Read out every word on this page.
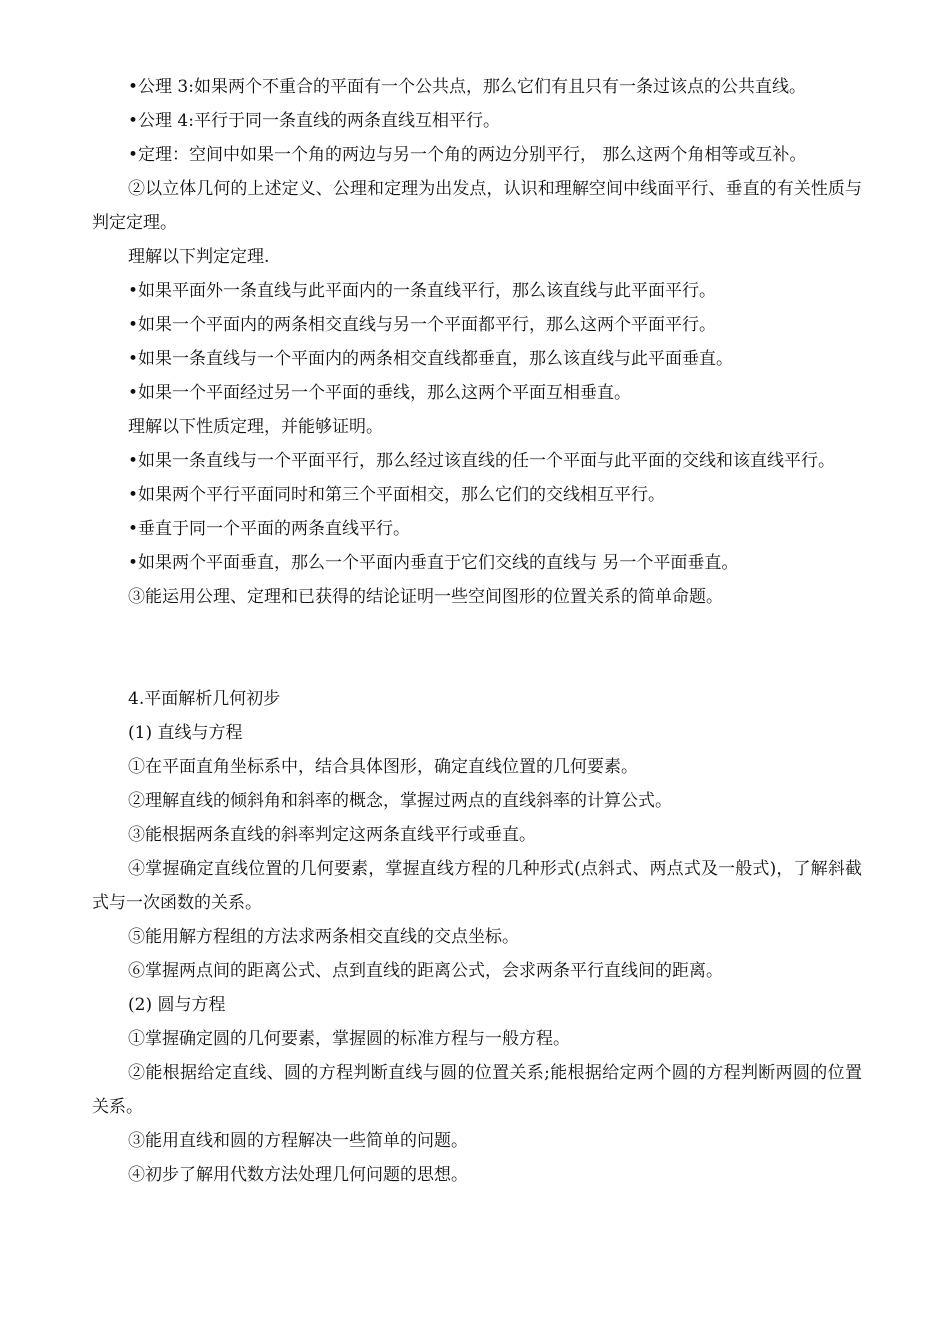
•公理 3:如果两个不重合的平面有一个公共点，那么它们有且只有一条过该点的公共直线。

•公理 4:平行于同一条直线的两条直线互相平行。

•定理：空间中如果一个角的两边与另一个角的两边分别平行， 那么这两个角相等或互补。

②以立体几何的上述定义、公理和定理为出发点，认识和理解空间中线面平行、垂直的有关性质与判定定理。

理解以下判定定理.

•如果平面外一条直线与此平面内的一条直线平行，那么该直线与此平面平行。

•如果一个平面内的两条相交直线与另一个平面都平行，那么这两个平面平行。

•如果一条直线与一个平面内的两条相交直线都垂直，那么该直线与此平面垂直。

•如果一个平面经过另一个平面的垂线，那么这两个平面互相垂直。

理解以下性质定理，并能够证明。

•如果一条直线与一个平面平行，那么经过该直线的任一个平面与此平面的交线和该直线平行。

•如果两个平行平面同时和第三个平面相交，那么它们的交线相互平行。

•垂直于同一个平面的两条直线平行。

•如果两个平面垂直，那么一个平面内垂直于它们交线的直线与 另一个平面垂直。

③能运用公理、定理和已获得的结论证明一些空间图形的位置关系的简单命题。

4.平面解析几何初步

(1) 直线与方程

①在平面直角坐标系中，结合具体图形，确定直线位置的几何要素。

②理解直线的倾斜角和斜率的概念，掌握过两点的直线斜率的计算公式。

③能根据两条直线的斜率判定这两条直线平行或垂直。

④掌握确定直线位置的几何要素，掌握直线方程的几种形式(点斜式、两点式及一般式)，了解斜截式与一次函数的关系。

⑤能用解方程组的方法求两条相交直线的交点坐标。

⑥掌握两点间的距离公式、点到直线的距离公式，会求两条平行直线间的距离。

(2) 圆与方程

①掌握确定圆的几何要素，掌握圆的标准方程与一般方程。

②能根据给定直线、圆的方程判断直线与圆的位置关系;能根据给定两个圆的方程判断两圆的位置关系。

③能用直线和圆的方程解决一些简单的问题。

④初步了解用代数方法处理几何问题的思想。
